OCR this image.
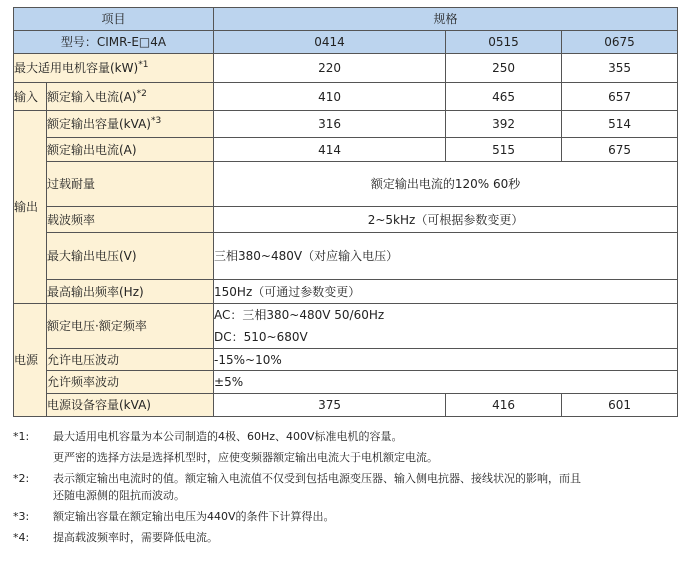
项目		规格		
型号：CIMR-E□4A		0414	0515	0675
最大适用电机容量(kW)$^{*1}$		220	250	355
输入	额定输入电流$(A)^{*2}$	410	465	657
输出	额定输出容量(kVA)$^{*3}$	316	392	514
	额定输出电流(A)	414	515	675
	过载耐量	额定输出电流的120% 60秒		
	载波频率	2~5kHz（可根据参数变更）		
	最大输出电压(V)	三相380~480V（对应输入电压）		
	最高输出频率(Hz)	150Hz（可通过参数变更）		
电源	额定电压·额定频率	AC：三相380~480V 50/60Hz
DC：510~680V		

	允许电压波动	-15%~10%		
	允许频率波动	±5%		
	电源设备容量(kVA)	375	416	601
*1: 最大适用电机容量为本公司制造的4极、60Hz、400V标准电机的容量。
更严密的选择方法是选择机型时，应使变频器额定输出电流大于电机额定电流。
*2: 表示额定输出电流时的值。额定输入电流值不仅受到包括电源变压器、输入侧电抗器、接线状况的影响，而且
还随电源侧的阻抗而波动。
*3: 额定输出容量在额定输出电压为440V的条件下计算得出。
*4: 提高载波频率时，需要降低电流。
